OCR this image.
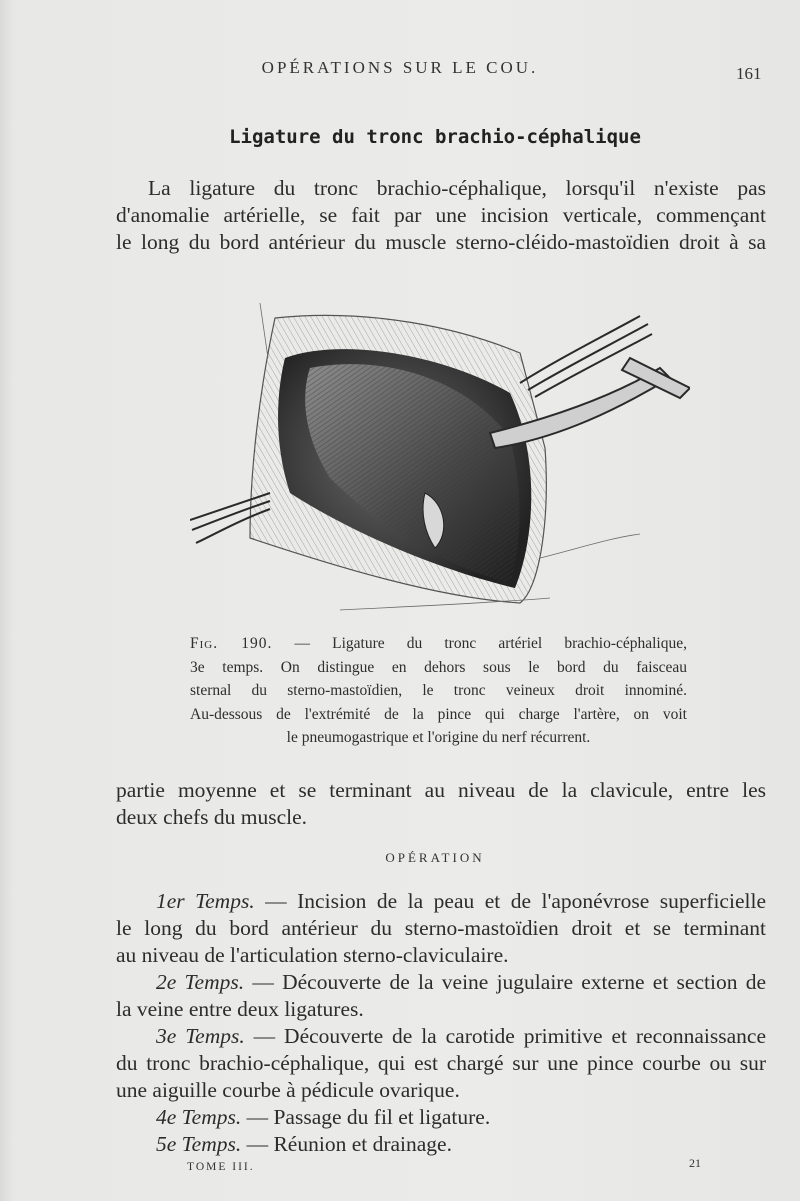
OPÉRATIONS SUR LE COU.	161
Ligature du tronc brachio-céphalique
La ligature du tronc brachio-céphalique, lorsqu'il n'existe pas
d'anomalie artérielle, se fait par une incision verticale, commençant
le long du bord antérieur du muscle sterno-cléido-mastoïdien droit à sa
Fig. 190. — Ligature du tronc artériel brachio-céphalique,
3e temps. On distingue en dehors sous le bord du faisceau
sternal du sterno-mastoïdien, le tronc veineux droit innominé.
Au-dessous de l'extrémité de la pince qui charge l'artère, on voit
le pneumogastrique et l'origine du nerf récurrent.
partie moyenne et se terminant au niveau de la clavicule, entre les
deux chefs du muscle.
OPÉRATION
1er Temps. — Incision de la peau et de l'aponévrose superficielle
le long du bord antérieur du sterno-mastoïdien droit et se terminant
au niveau de l'articulation sterno-claviculaire.
2e Temps. — Découverte de la veine jugulaire externe et section de
la veine entre deux ligatures.
3e Temps. — Découverte de la carotide primitive et reconnaissance
du tronc brachio-céphalique, qui est chargé sur une pince courbe ou sur
une aiguille courbe à pédicule ovarique.
4e Temps. — Passage du fil et ligature.
5e Temps. — Réunion et drainage.
TOME III.	21
